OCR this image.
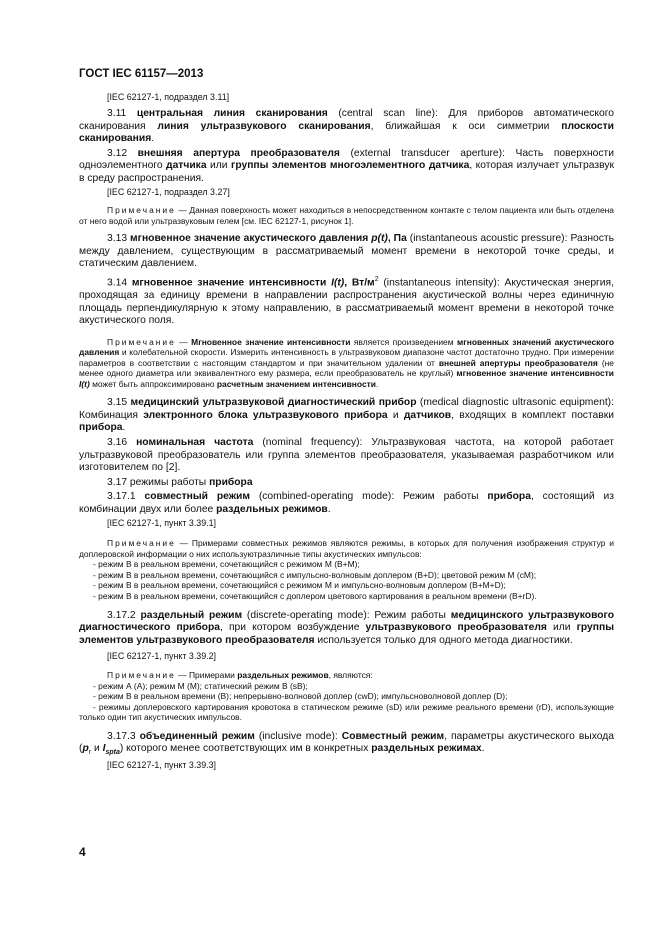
ГОСТ IEC 61157—2013

[IEC 62127-1, подраздел 3.11]

3.11 центральная линия сканирования (central scan line): Для приборов автоматического сканирования линия ультразвукового сканирования, ближайшая к оси симметрии плоскости сканирования.

3.12 внешняя апертура преобразователя (external transducer aperture): Часть поверхности одноэлементного датчика или группы элементов многоэлементного датчика, которая излучает ультразвук в среду распространения.

[IEC 62127-1, подраздел 3.27]

Примечание — Данная поверхность может находиться в непосредственном контакте с телом пациента или быть отделена от него водой или ультразвуковым гелем [см. IEC 62127-1, рисунок 1].

3.13 мгновенное значение акустического давления p(t), Па (instantaneous acoustic pressure): Разность между давлением, существующим в рассматриваемый момент времени в некоторой точке среды, и статическим давлением.

3.14 мгновенное значение интенсивности I(t), $Вт/м^2$ (instantaneous intensity): Акустическая энергия, проходящая за единицу времени в направлении распространения акустической волны через единичную площадь перпендикулярную к этому направлению, в рассматриваемый момент времени в некоторой точке акустического поля.

Примечание — Мгновенное значение интенсивности является произведением мгновенных значений акустического давления и колебательной скорости. Измерить интенсивность в ультразвуковом диапазоне частот достаточно трудно. При измерении параметров в соответствии с настоящим стандартом и при значительном удалении от внешней апертуры преобразователя (не менее одного диаметра или эквивалентного ему размера, если преобразователь не круглый) мгновенное значение интенсивности I(t) может быть аппроксимировано расчетным значением интенсивности.

3.15 медицинский ультразвуковой диагностический прибор (medical diagnostic ultrasonic equipment): Комбинация электронного блока ультразвукового прибора и датчиков, входящих в комплект поставки прибора.

3.16 номинальная частота (nominal frequency): Ультразвуковая частота, на которой работает ультразвуковой преобразователь или группа элементов преобразователя, указываемая разработчиком или изготовителем по [2].

3.17 режимы работы прибора

3.17.1 совместный режим (combined-operating mode): Режим работы прибора, состоящий из комбинации двух или более раздельных режимов.

[IEC 62127-1, пункт 3.39.1]

Примечание — Примерами совместных режимов являются режимы, в которых для получения изображения структур и доплеровской информации о них используютразличные типы акустических импульсов:

- режим В в реальном времени, сочетающийся с режимом М (В+М);

- режим В в реальном времени, сочетающийся с импульсно-волновым доплером (В+D); цветовой режим М (сМ);

- режим В в реальном времени, сочетающийся с режимом М и импульсно-волновым доплером (В+М+D);

- режим В в реальном времени, сочетающийся с доплером цветового картирования в реальном времени (В+rD).

3.17.2 раздельный режим (discrete-operating mode): Режим работы медицинского ультразвукового диагностического прибора, при котором возбуждение ультразвукового преобразователя или группы элементов ультразвукового преобразователя используется только для одного метода диагностики.

[IEC 62127-1, пункт 3.39.2]

Примечание — Примерами раздельных режимов, являются:

- режим А (А); режим М (М); статический режим В (sB);

- режим В в реальном времени (В); непрерывно-волновой доплер (cwD); импульсноволновой доплер (D);

- режимы доплеровского картирования кровотока в статическом режиме (sD) или режиме реального времени (rD), использующие только один тип акустических импульсов.

3.17.3 объединенный режим (inclusive mode): Совместный режим, параметры акустического выхода ($p_r$ и $I_{spta}$) которого менее соответствующих им в конкретных раздельных режимах.

[IEC 62127-1, пункт 3.39.3]

4
